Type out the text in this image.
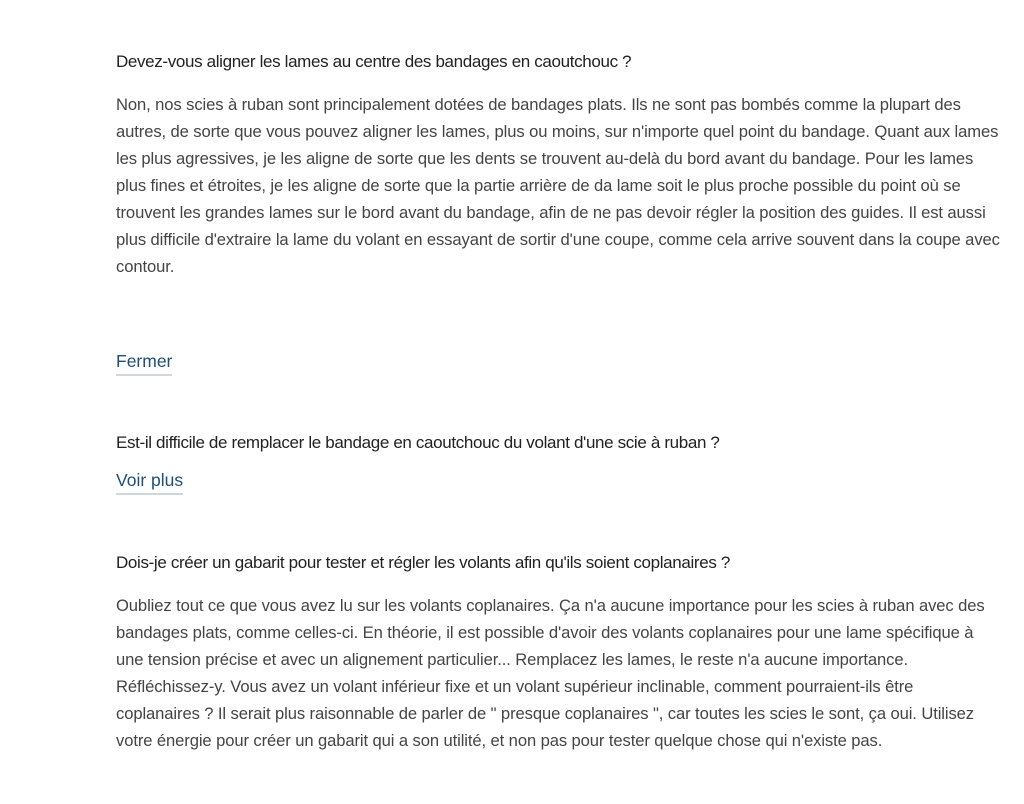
Devez-vous aligner les lames au centre des bandages en caoutchouc ?

Non, nos scies à ruban sont principalement dotées de bandages plats. Ils ne sont pas bombés comme la plupart des autres, de sorte que vous pouvez aligner les lames, plus ou moins, sur n'importe quel point du bandage. Quant aux lames les plus agressives, je les aligne de sorte que les dents se trouvent au-delà du bord avant du bandage. Pour les lames plus fines et étroites, je les aligne de sorte que la partie arrière de da lame soit le plus proche possible du point où se trouvent les grandes lames sur le bord avant du bandage, afin de ne pas devoir régler la position des guides. Il est aussi plus difficile d'extraire la lame du volant en essayant de sortir d'une coupe, comme cela arrive souvent dans la coupe avec contour.

Fermer
Est-il difficile de remplacer le bandage en caoutchouc du volant d'une scie à ruban ?
Voir plus
Dois-je créer un gabarit pour tester et régler les volants afin qu'ils soient coplanaires ?

Oubliez tout ce que vous avez lu sur les volants coplanaires. Ça n'a aucune importance pour les scies à ruban avec des bandages plats, comme celles-ci. En théorie, il est possible d'avoir des volants coplanaires pour une lame spécifique à une tension précise et avec un alignement particulier... Remplacez les lames, le reste n'a aucune importance. Réfléchissez-y. Vous avez un volant inférieur fixe et un volant supérieur inclinable, comment pourraient-ils être coplanaires ? Il serait plus raisonnable de parler de " presque coplanaires ", car toutes les scies le sont, ça oui. Utilisez votre énergie pour créer un gabarit qui a son utilité, et non pas pour tester quelque chose qui n'existe pas.
